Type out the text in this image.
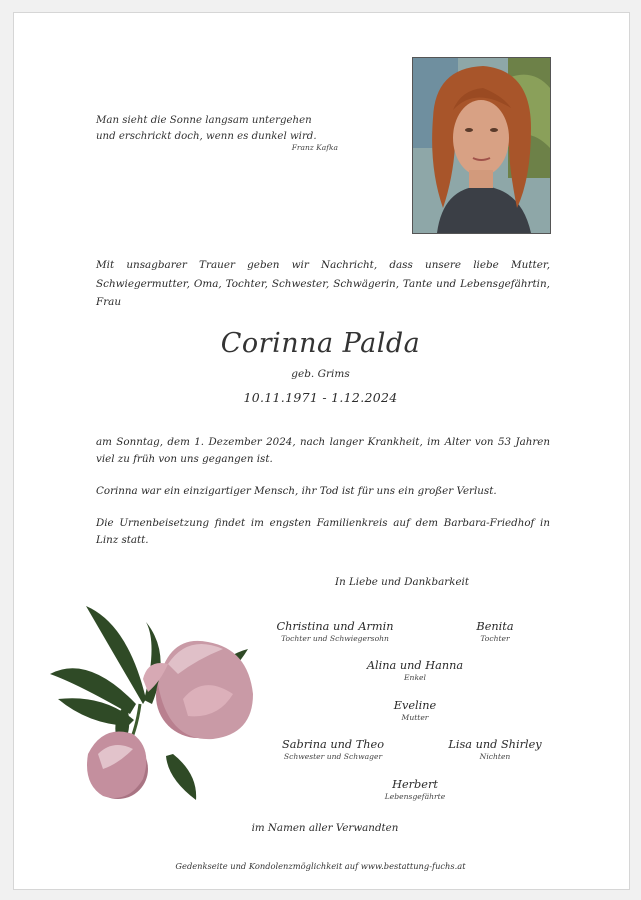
Man sieht die Sonne langsam untergehen
und erschrickt doch, wenn es dunkel wird.
Franz Kafka
Mit unsagbarer Trauer geben wir Nachricht, dass unsere liebe Mutter, Schwiegermutter, Oma, Tochter, Schwester, Schwägerin, Tante und Lebensgefährtin, Frau
Corinna Palda
geb. Grims
10.11.1971 - 1.12.2024
am Sonntag, dem 1. Dezember 2024, nach langer Krankheit, im Alter von 53 Jahren viel zu früh von uns gegangen ist.
Corinna war ein einzigartiger Mensch, ihr Tod ist für uns ein großer Verlust.
Die Urnenbeisetzung findet im engsten Familienkreis auf dem Barbara-Friedhof in Linz statt.
In Liebe und Dankbarkeit
Christina und Armin
Tochter und Schwiegersohn
Benita
Tochter
Alina und Hanna
Enkel
Eveline
Mutter
Sabrina und Theo
Schwester und Schwager
Lisa und Shirley
Nichten
Herbert
Lebensgefährte
im Namen aller Verwandten
Gedenkseite und Kondolenzmöglichkeit auf www.bestattung-fuchs.at
